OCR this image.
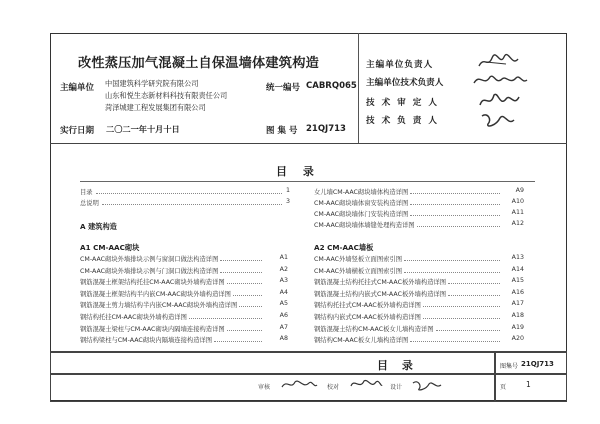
改性蒸压加气混凝土自保温墙体建筑构造
主编单位 中国建筑科学研究院有限公司
山东和悦生态新材料科技有限责任公司
菏泽城建工程发展集团有限公司
统一编号 CABRQ065
实行日期 二〇二一年十月十日	图 集 号 21QJ713
主编单位负责人
主编单位技术负责人
技 术 审 定 人
技 术 负 责 人
目 录
目录	1
总说明	3
A 建筑构造
A1 CM-AAC砌块
CM-AAC砌块外墙排块示例与窗洞口做法构造详图	A1
CM-AAC砌块外墙排块示例与门洞口做法构造详图	A2
钢筋混凝土框架结构托挂CM-AAC砌块外墙构造详图	A3
钢筋混凝土框架结构半内嵌CM-AAC砌块外墙构造详图	A4
钢筋混凝土剪力墙结构半内嵌CM-AAC砌块外墙构造详图	A5
钢结构托挂CM-AAC砌块外墙构造详图	A6
钢筋混凝土梁柱与CM-AAC砌块内隔墙连接构造详图	A7
钢结构梁柱与CM-AAC砌块内隔墙连接构造详图	A8
女儿墙CM-AAC砌块墙体构造详图	A9
CM-AAC砌块墙体窗安装构造详图	A10
CM-AAC砌块墙体门安装构造详图	A11
CM-AAC砌块墙体墙缝处理构造详图	A12
A2 CM-AAC墙板
CM-AAC外墙竖板立面图索引图	A13
CM-AAC外墙横板立面图索引图	A14
钢筋混凝土结构托挂式CM-AAC板外墙构造详图	A15
钢筋混凝土结构内嵌式CM-AAC板外墙构造详图	A16
钢结构托挂式CM-AAC板外墙构造详图	A17
钢结构内嵌式CM-AAC板外墙构造详图	A18
钢筋混凝土结构CM-AAC板女儿墙构造详图	A19
钢结构CM-AAC板女儿墙构造详图	A20
目 录	图集号 21QJ713
审核	校对	设计	页	1
